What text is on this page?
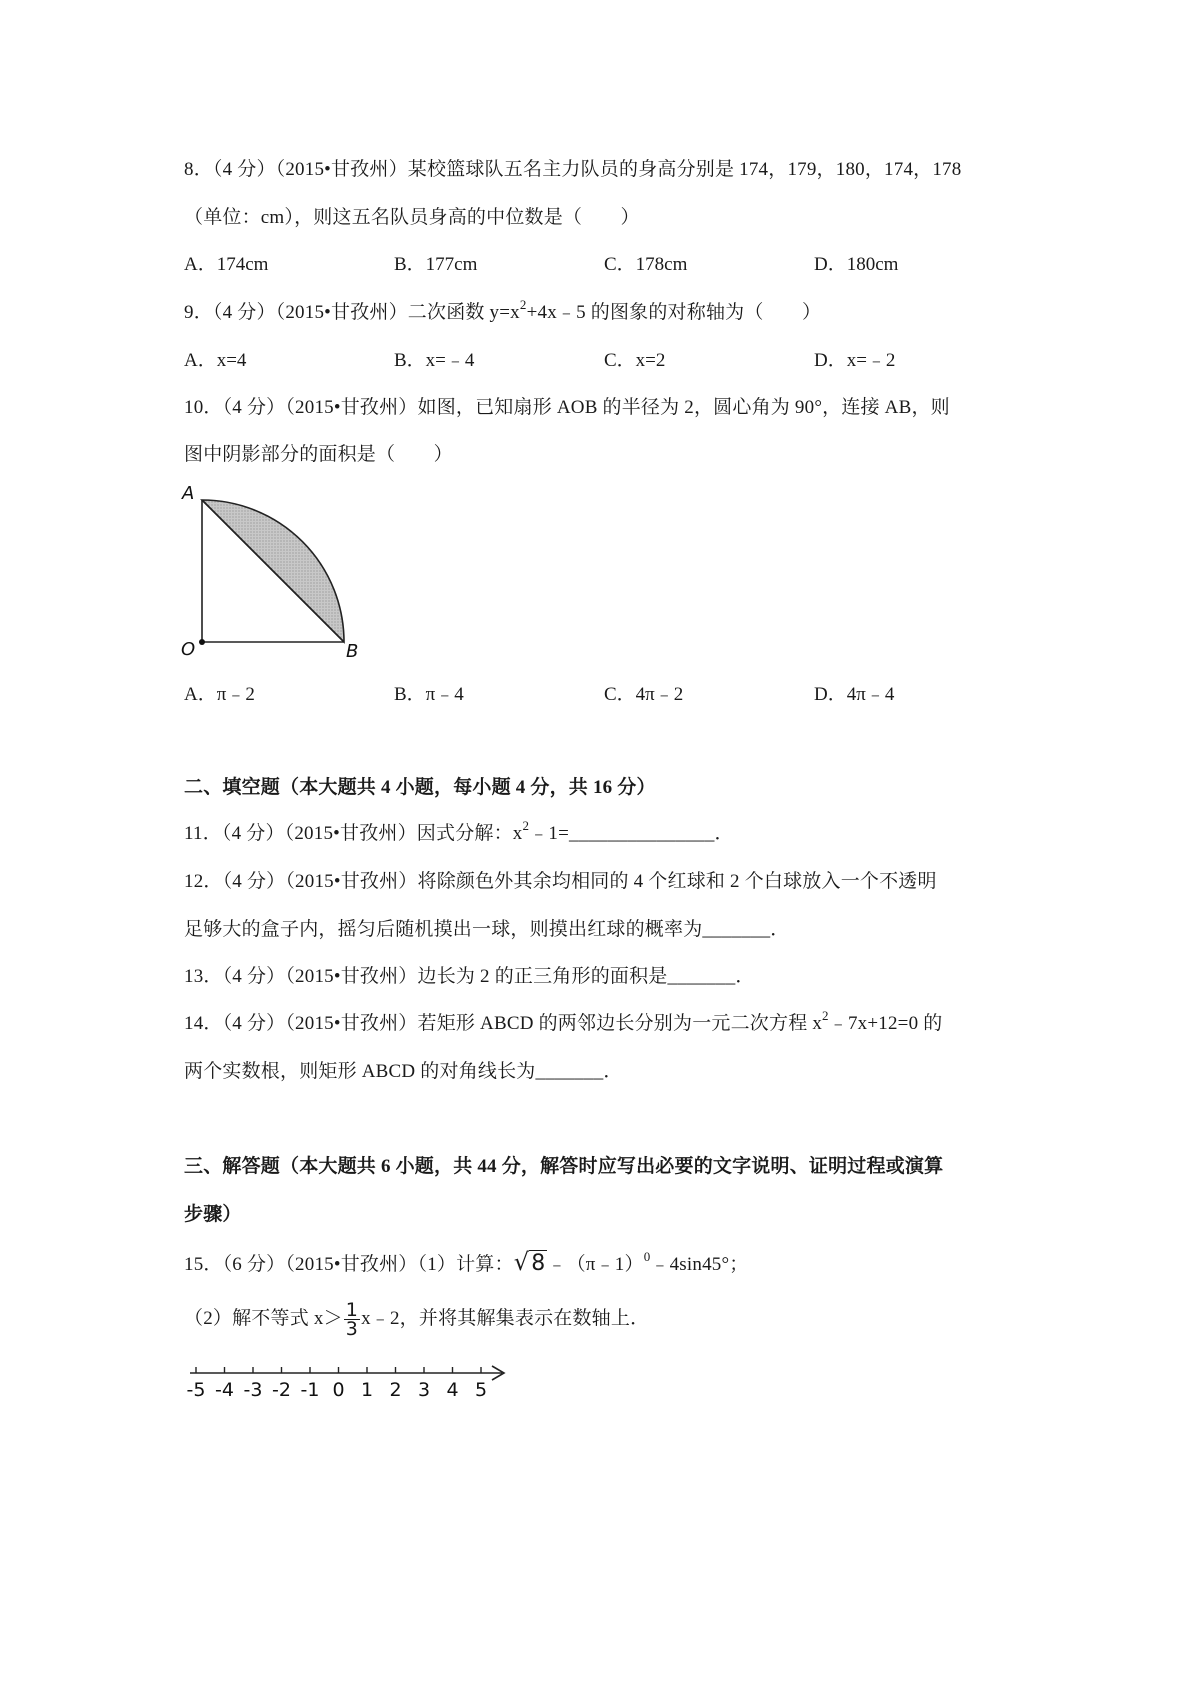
8．（4 分）（2015•甘孜州）某校篮球队五名主力队员的身高分别是 174，179，180，174，178
（单位：cm），则这五名队员身高的中位数是（　　）
A．174cm	B．177cm	C．178cm	D．180cm
9．（4 分）（2015•甘孜州）二次函数 $y=x^2+4x﹣5$ 的图象的对称轴为（　　）
A．x=4	B．x=﹣4	C．x=2	D．x=﹣2
10．（4 分）（2015•甘孜州）如图，已知扇形 AOB 的半径为 2，圆心角为 90°，连接 AB，则
图中阴影部分的面积是（　　）
A
O	B
A．π﹣2	B．π﹣4	C．4π﹣2	D．4π﹣4
二、填空题（本大题共 4 小题，每小题 4 分，共 16 分）
11．（4 分）（2015•甘孜州）因式分解：$x^2﹣1=\_\_\_\_\_\_\_\_\_\_\_\_\_\_\_$．
12．（4 分）（2015•甘孜州）将除颜色外其余均相同的 4 个红球和 2 个白球放入一个不透明
足够大的盒子内，摇匀后随机摸出一球，则摸出红球的概率为_______．
13．（4 分）（2015•甘孜州）边长为 2 的正三角形的面积是_______．
14．（4 分）（2015•甘孜州）若矩形 ABCD 的两邻边长分别为一元二次方程 $x^2﹣7x+12=0$ 的
两个实数根，则矩形 ABCD 的对角线长为_______．
三、解答题（本大题共 6 小题，共 44 分，解答时应写出必要的文字说明、证明过程或演算
步骤）
15．（6 分）（2015•甘孜州）（1）计算：√8 ﹣（π﹣1）$^0$﹣4sin45°；
（2）解不等式 $x> \frac{1}{3}$ x﹣2，并将其解集表示在数轴上．
-5 -4 -3 -2 -1 0 1 2 3 4 5
